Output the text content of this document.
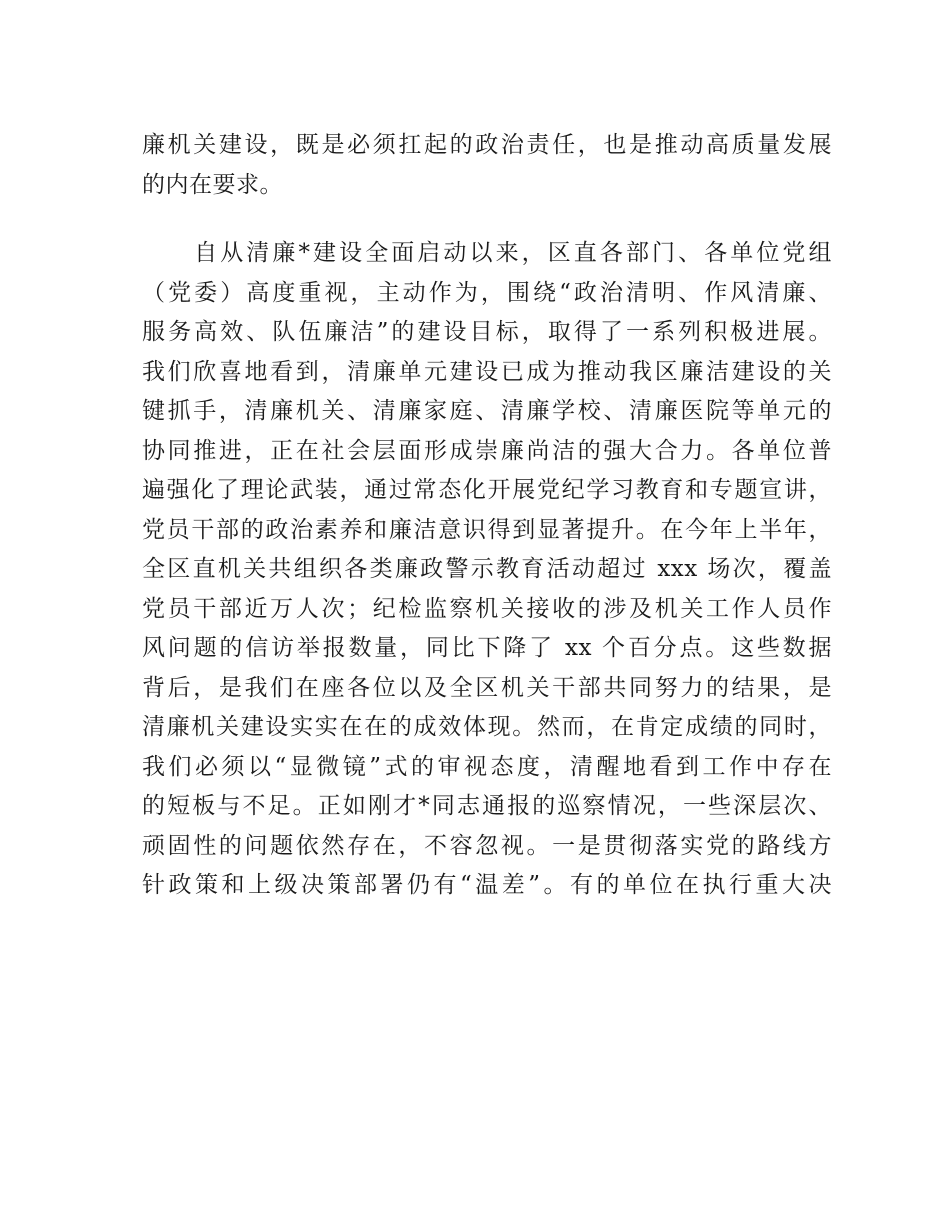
廉机关建设，既是必须扛起的政治责任，也是推动高质量发展
的内在要求。
　　自从清廉*建设全面启动以来，区直各部门、各单位党组
（党委）高度重视，主动作为，围绕“政治清明、作风清廉、
服务高效、队伍廉洁”的建设目标，取得了一系列积极进展。
我们欣喜地看到，清廉单元建设已成为推动我区廉洁建设的关
键抓手，清廉机关、清廉家庭、清廉学校、清廉医院等单元的
协同推进，正在社会层面形成崇廉尚洁的强大合力。各单位普
遍强化了理论武装，通过常态化开展党纪学习教育和专题宣讲，
党员干部的政治素养和廉洁意识得到显著提升。在今年上半年，
全区直机关共组织各类廉政警示教育活动超过 xxx 场次，覆盖
党员干部近万人次；纪检监察机关接收的涉及机关工作人员作
风问题的信访举报数量，同比下降了 xx 个百分点。这些数据
背后，是我们在座各位以及全区机关干部共同努力的结果，是
清廉机关建设实实在在的成效体现。然而，在肯定成绩的同时，
我们必须以“显微镜”式的审视态度，清醒地看到工作中存在
的短板与不足。正如刚才*同志通报的巡察情况，一些深层次、
顽固性的问题依然存在，不容忽视。一是贯彻落实党的路线方
针政策和上级决策部署仍有“温差”。有的单位在执行重大决
